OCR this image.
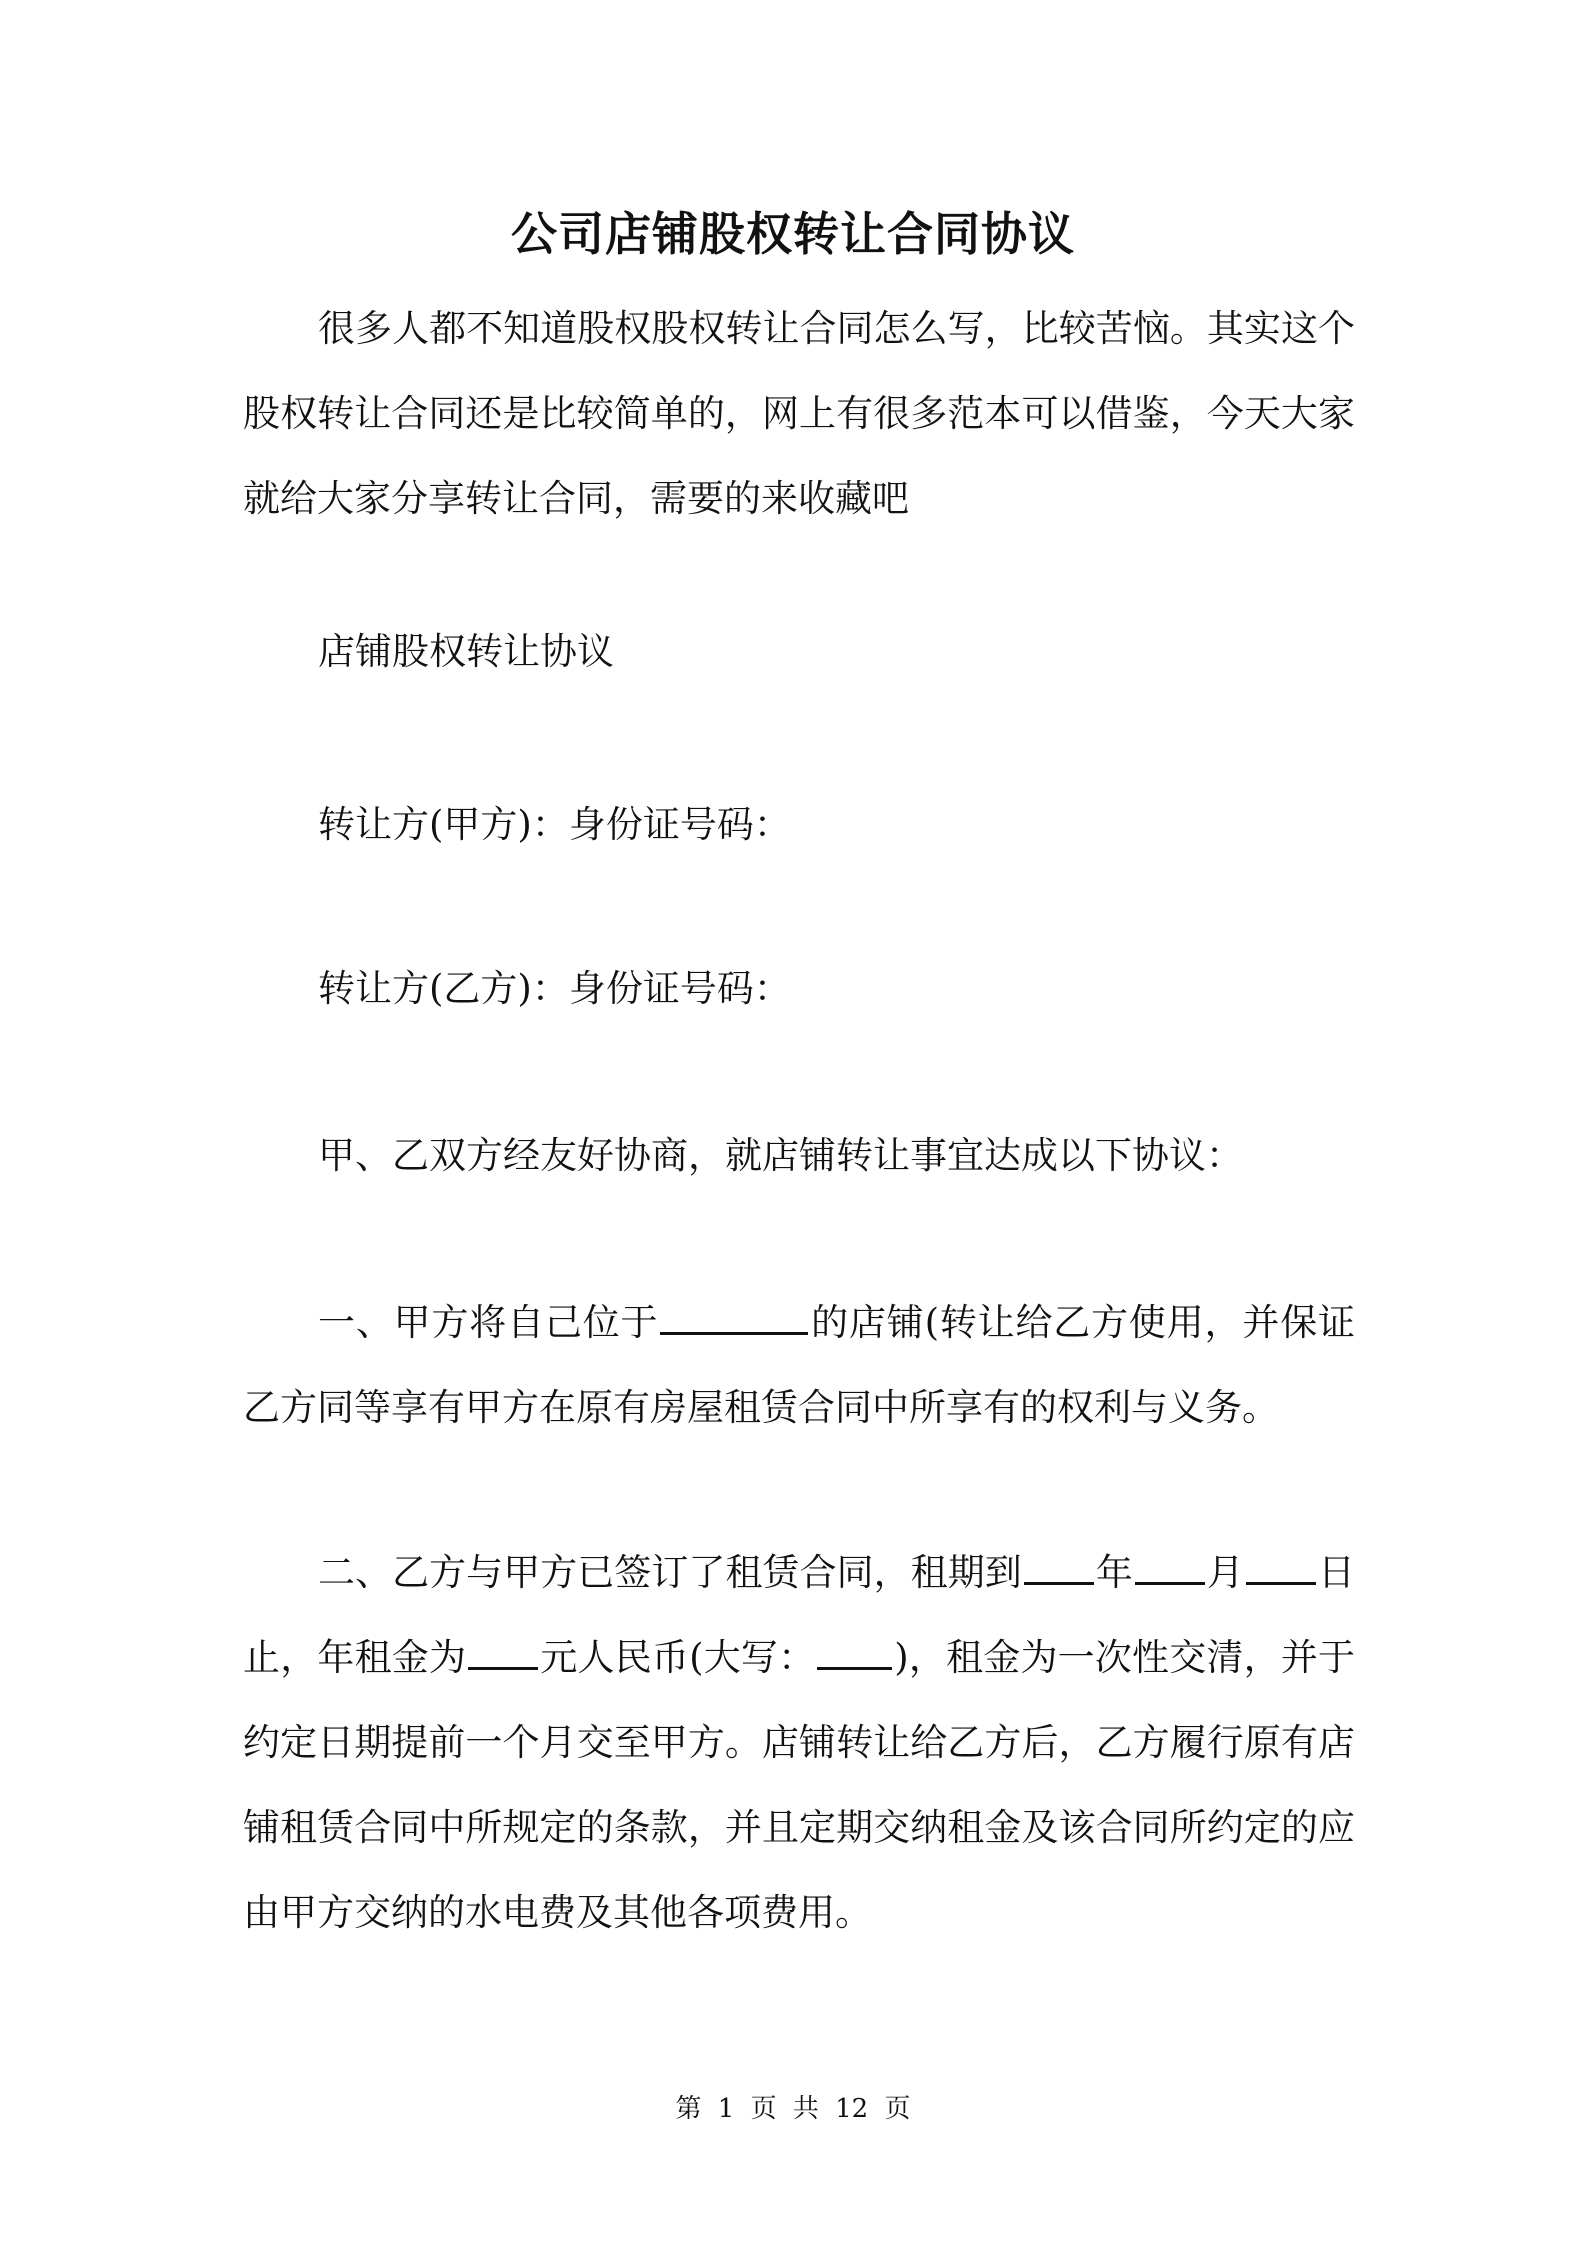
公司店铺股权转让合同协议

很多人都不知道股权股权转让合同怎么写，比较苦恼。其实这个股权转让合同还是比较简单的，网上有很多范本可以借鉴，今天大家就给大家分享转让合同，需要的来收藏吧

店铺股权转让协议

转让方(甲方)：身份证号码：

转让方(乙方)：身份证号码：

甲、乙双方经友好协商，就店铺转让事宜达成以下协议：

一、甲方将自己位于	的店铺(转让给乙方使用，并保证乙方同等享有甲方在原有房屋租赁合同中所享有的权利与义务。

二、乙方与甲方已签订了租赁合同，租期到 年 月 日止，年租金为 元人民币(大写： )，租金为一次性交清，并于约定日期提前一个月交至甲方。店铺转让给乙方后，乙方履行原有店铺租赁合同中所规定的条款，并且定期交纳租金及该合同所约定的应由甲方交纳的水电费及其他各项费用。

第 1 页 共 12 页
